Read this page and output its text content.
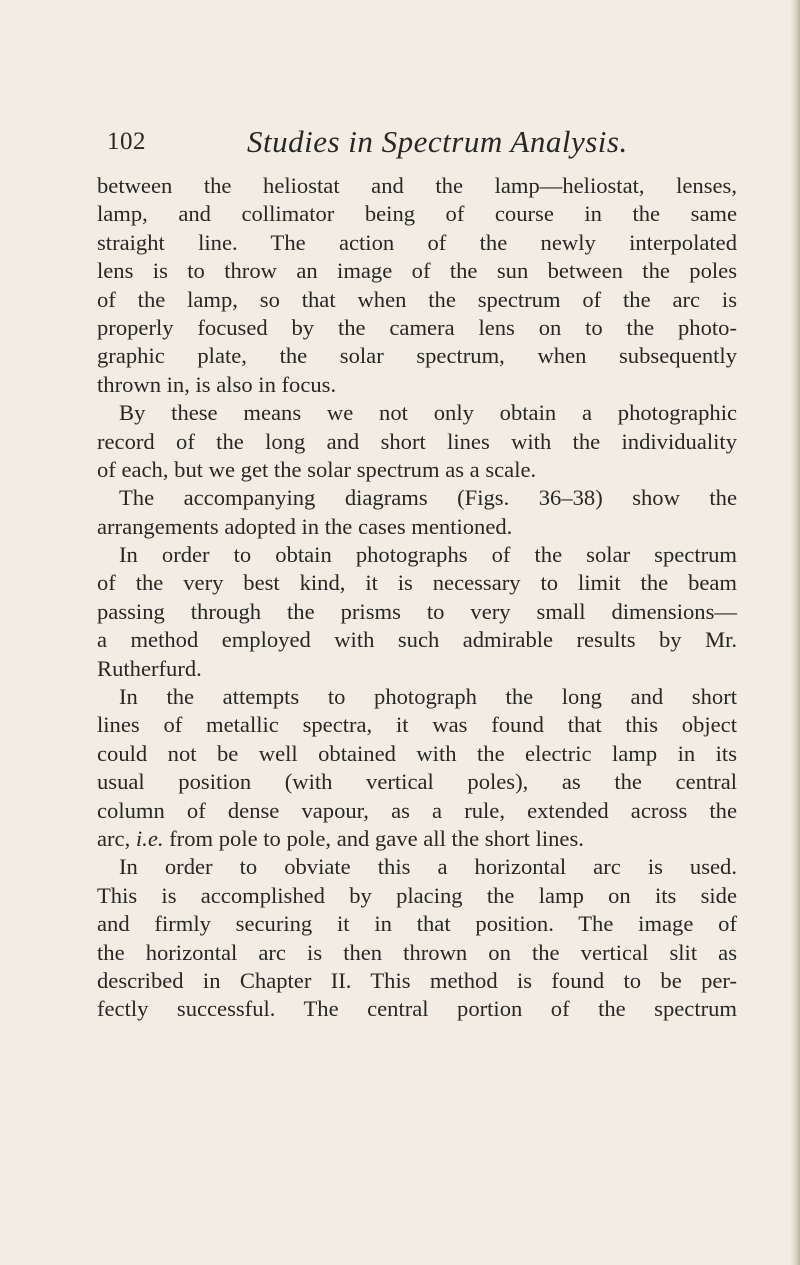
102	Studies in Spectrum Analysis.
between the heliostat and the lamp—heliostat, lenses,
lamp, and collimator being of course in the same
straight line. The action of the newly interpolated
lens is to throw an image of the sun between the poles
of the lamp, so that when the spectrum of the arc is
properly focused by the camera lens on to the photo-
graphic plate, the solar spectrum, when subsequently
thrown in, is also in focus.
By these means we not only obtain a photographic
record of the long and short lines with the individuality
of each, but we get the solar spectrum as a scale.
The accompanying diagrams (Figs. 36–38) show the
arrangements adopted in the cases mentioned.
In order to obtain photographs of the solar spectrum
of the very best kind, it is necessary to limit the beam
passing through the prisms to very small dimensions—
a method employed with such admirable results by Mr.
Rutherfurd.
In the attempts to photograph the long and short
lines of metallic spectra, it was found that this object
could not be well obtained with the electric lamp in its
usual position (with vertical poles), as the central
column of dense vapour, as a rule, extended across the
arc, i.e. from pole to pole, and gave all the short lines.
In order to obviate this a horizontal arc is used.
This is accomplished by placing the lamp on its side
and firmly securing it in that position. The image of
the horizontal arc is then thrown on the vertical slit as
described in Chapter II. This method is found to be per-
fectly successful. The central portion of the spectrum
